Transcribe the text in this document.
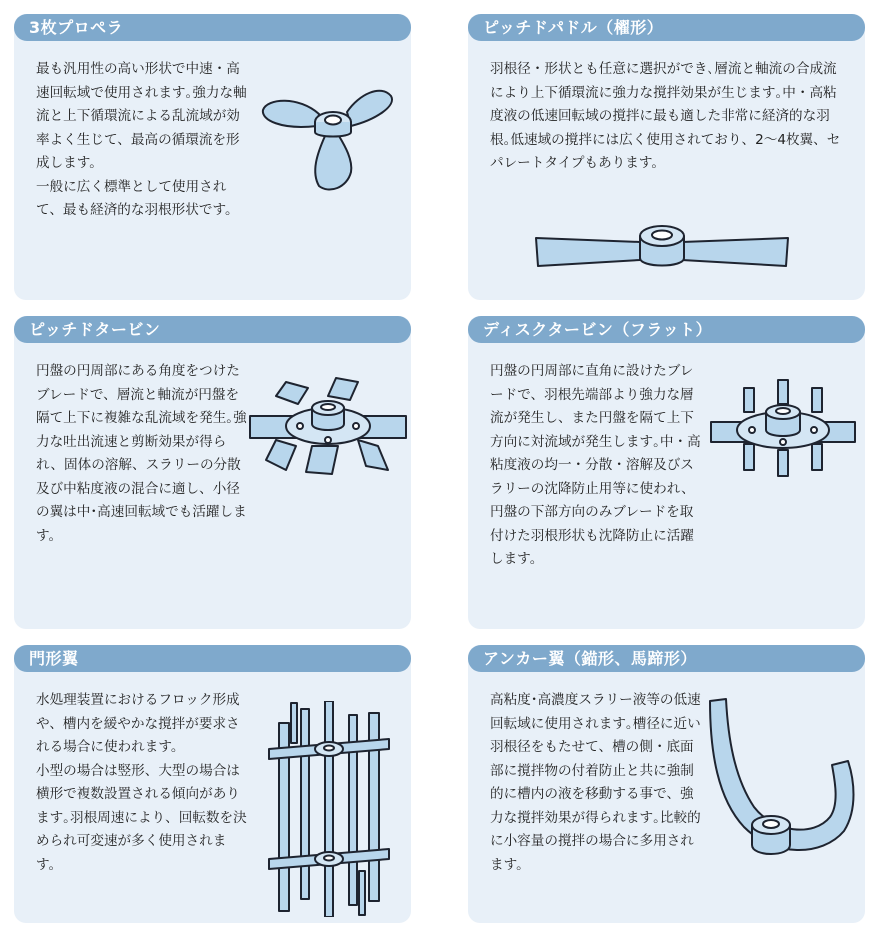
3枚プロペラ

最も汎用性の高い形状で中速・高速回転域で使用されます｡強力な軸流と上下循環流による乱流域が効率よく生じて、最高の循環流を形成します。

一般に広く標準として使用されて、最も経済的な羽根形状です。

ピッチドパドル（櫂形）

羽根径・形状とも任意に選択ができ､層流と軸流の合成流により上下循環流に強力な撹拌効果が生じます｡中・高粘度液の低速回転域の撹拌に最も適した非常に経済的な羽根｡低速域の撹拌には広く使用されており、2〜4枚翼、セパレートタイプもあります。

ピッチドタービン

円盤の円周部にある角度をつけたブレードで、層流と軸流が円盤を隔て上下に複雑な乱流域を発生｡強力な吐出流速と剪断効果が得られ、固体の溶解、スラリーの分散及び中粘度液の混合に適し、小径の翼は中･高速回転域でも活躍します。

ディスクタービン（フラット）

円盤の円周部に直角に設けたブレードで、羽根先端部より強力な層流が発生し、また円盤を隔て上下方向に対流域が発生します｡中・高粘度液の均一・分散・溶解及びスラリーの沈降防止用等に使われ、円盤の下部方向のみブレードを取付けた羽根形状も沈降防止に活躍します。

門形翼

水処理装置におけるフロック形成や、槽内を緩やかな撹拌が要求される場合に使われます。

小型の場合は竪形、大型の場合は横形で複数設置される傾向があります｡羽根周速により、回転数を決められ可変速が多く使用されます。

アンカー翼（錨形、馬蹄形）

高粘度･高濃度スラリー液等の低速回転域に使用されます｡槽径に近い羽根径をもたせて、槽の側・底面部に撹拌物の付着防止と共に強制的に槽内の液を移動する事で、強力な撹拌効果が得られます｡比較的に小容量の撹拌の場合に多用されます。
